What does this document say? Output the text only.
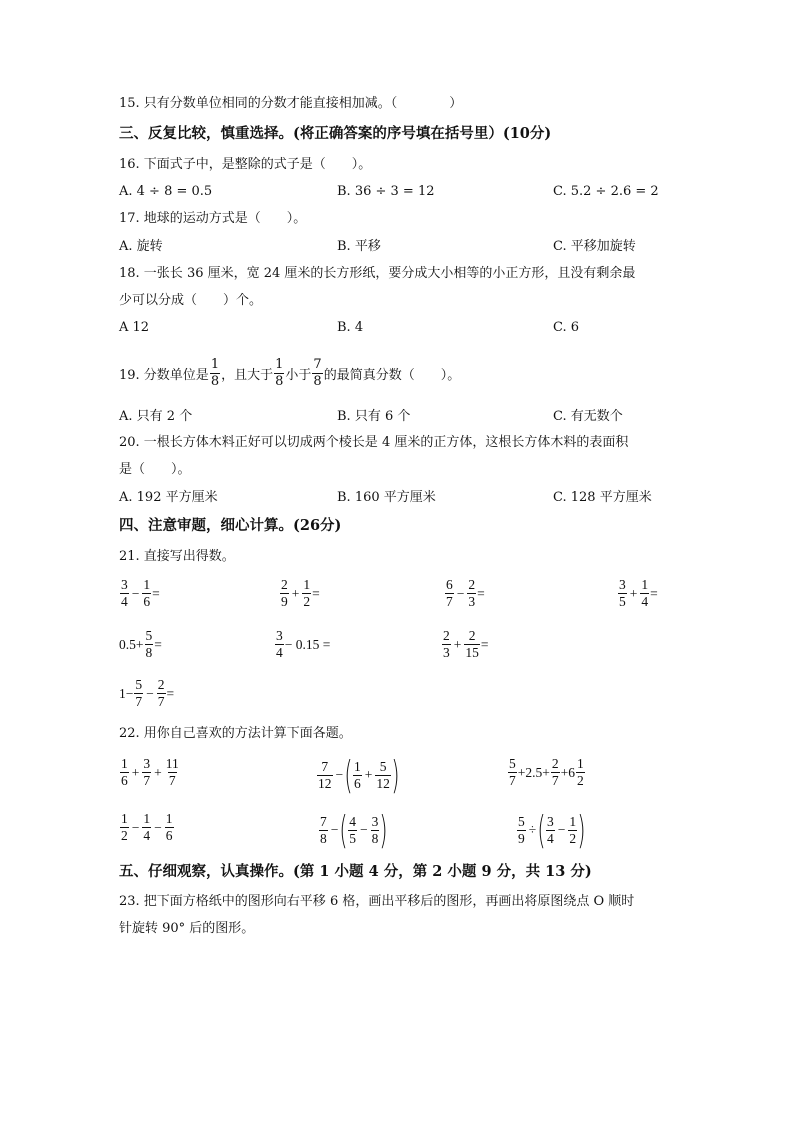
15. 只有分数单位相同的分数才能直接相加减。（　　　　）
三、反复比较，慎重选择。(将正确答案的序号填在括号里）(10分)
16. 下面式子中，是整除的式子是（　　）。
A. 4 ÷ 8 = 0.5	B. 36 ÷ 3 = 12	C. 5.2 ÷ 2.6 = 2
17. 地球的运动方式是（　　）。
A. 旋转	B. 平移	C. 平移加旋转
18. 一张长 36 厘米，宽 24 厘米的长方形纸，要分成大小相等的小正方形，且没有剩余最
少可以分成（　　）个。
A 12	B. 4	C. 6
19. 分数单位是 $\frac{1}{8}$ ，且大于 $\frac{1}{8}$ 小于 $\frac{7}{8}$ 的最简真分数（　　）。
A. 只有 2 个	B. 只有 6 个	C. 有无数个
20. 一根长方体木料正好可以切成两个棱长是 4 厘米的正方体，这根长方体木料的表面积
是（　　）。
A. 192 平方厘米	B. 160 平方厘米	C. 128 平方厘米
四、注意审题，细心计算。(26分)
21. 直接写出得数。
$\frac{3}{4} - \frac{1}{6}$ =	$\frac{2}{9} + \frac{1}{2}$ =	$\frac{6}{7} - \frac{2}{3}$ =	$\frac{3}{5} + \frac{1}{4}$ =
$0.5+ \frac{5}{8}$ =	$\frac{3}{4} - 0.15$ =	$\frac{2}{3} + \frac{2}{15}$ =
$1- \frac{5}{7} - \frac{2}{7}$ =
22. 用你自己喜欢的方法计算下面各题。
$\frac{1}{6} + \frac{3}{7} + \frac{11}{7}$	$\frac{7}{12}$ − ( $\frac{1}{6} + \frac{5}{12}$ )	$\frac{5}{7} +2.5+ \frac{2}{7} +6 \frac{1}{2}$
$\frac{1}{2} - \frac{1}{4} - \frac{1}{6}$	$\frac{7}{8}$ − ( $\frac{4}{5} - \frac{3}{8}$ )	$\frac{5}{9}$ ÷ ( $\frac{3}{4} - \frac{1}{2}$ )
五、仔细观察，认真操作。(第 1 小题 4 分，第 2 小题 9 分，共 13 分)
23. 把下面方格纸中的图形向右平移 6 格，画出平移后的图形，再画出将原图绕点 O 顺时
针旋转 90° 后的图形。
